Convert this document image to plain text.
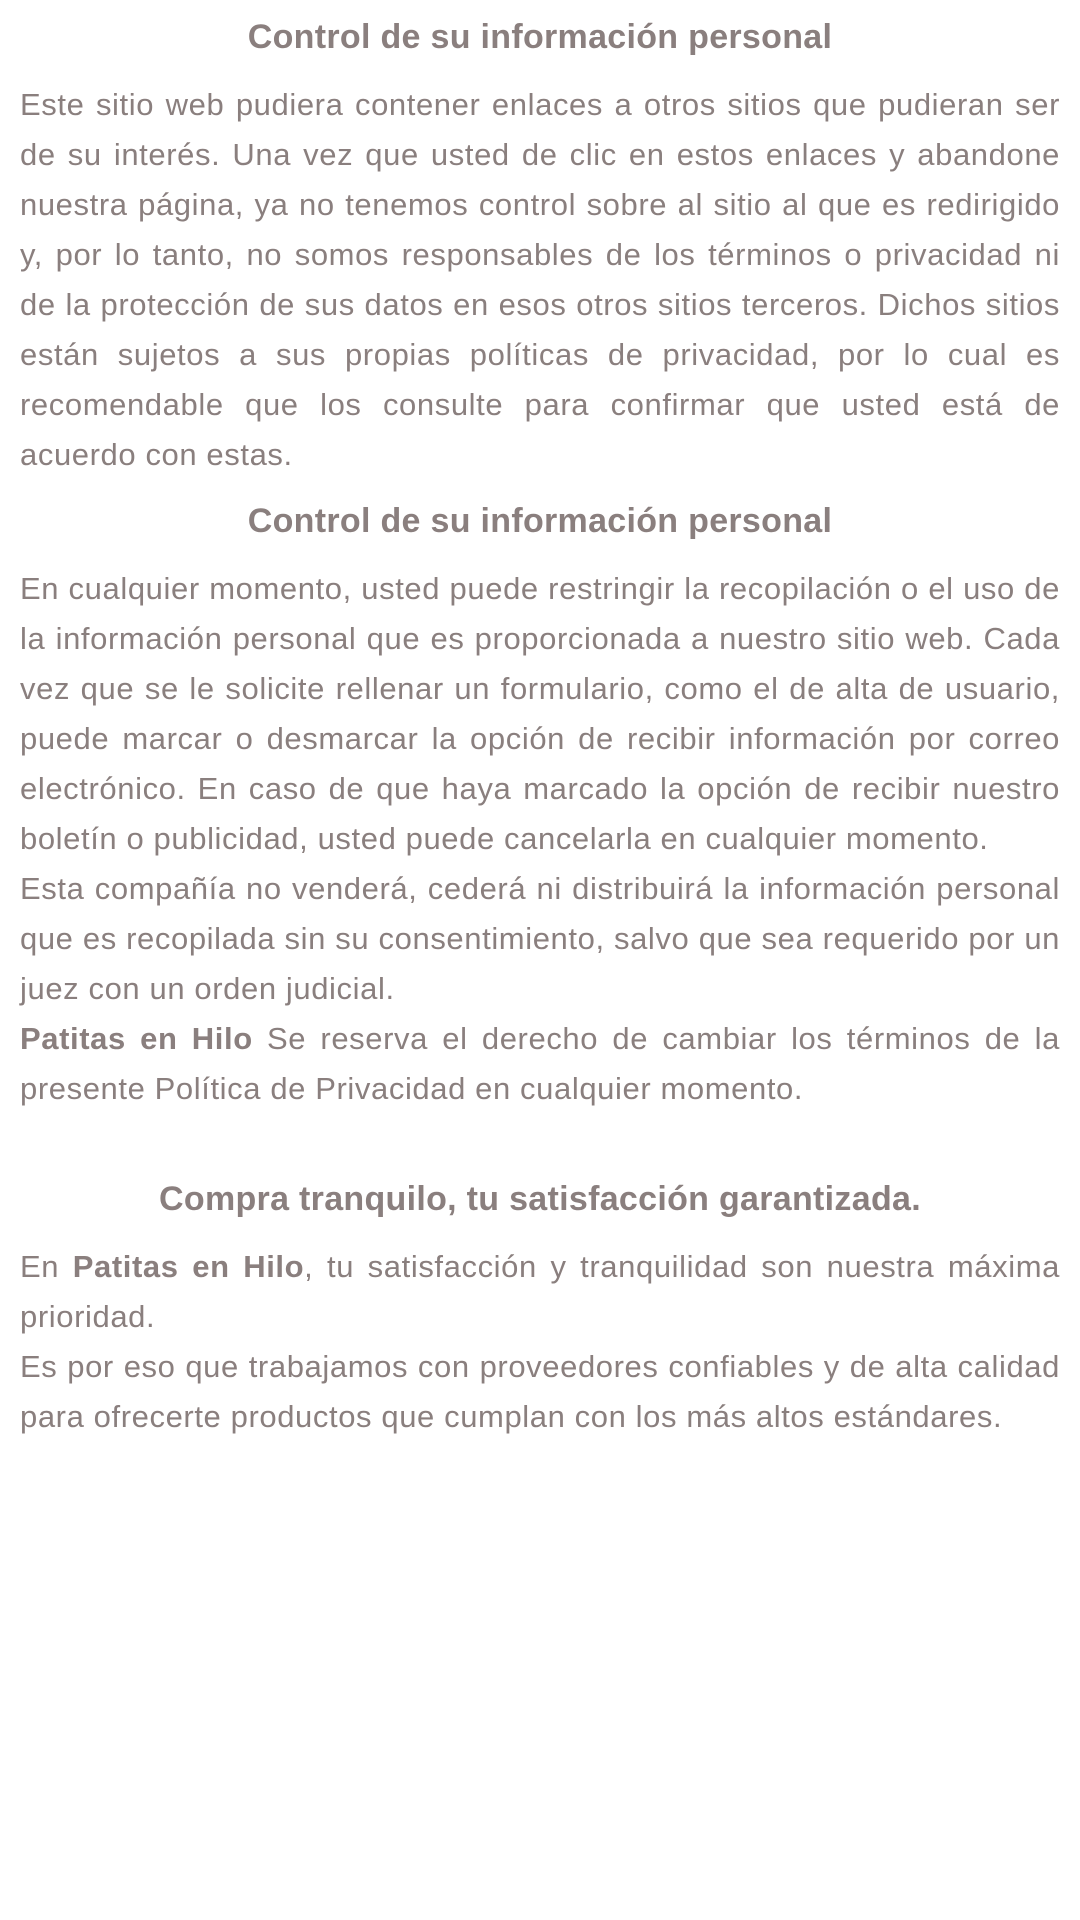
Control de su información personal

Este sitio web pudiera contener enlaces a otros sitios que pudieran ser de su interés. Una vez que usted de clic en estos enlaces y abandone nuestra página, ya no tenemos control sobre al sitio al que es redirigido y, por lo tanto, no somos responsables de los términos o privacidad ni de la protección de sus datos en esos otros sitios terceros. Dichos sitios están sujetos a sus propias políticas de privacidad, por lo cual es recomendable que los consulte para confirmar que usted está de acuerdo con estas.

Control de su información personal

En cualquier momento, usted puede restringir la recopilación o el uso de la información personal que es proporcionada a nuestro sitio web. Cada vez que se le solicite rellenar un formulario, como el de alta de usuario, puede marcar o desmarcar la opción de recibir información por correo electrónico. En caso de que haya marcado la opción de recibir nuestro boletín o publicidad, usted puede cancelarla en cualquier momento.

Esta compañía no venderá, cederá ni distribuirá la información personal que es recopilada sin su consentimiento, salvo que sea requerido por un juez con un orden judicial.

Patitas en Hilo Se reserva el derecho de cambiar los términos de la presente Política de Privacidad en cualquier momento.

Compra tranquilo, tu satisfacción garantizada.

En Patitas en Hilo, tu satisfacción y tranquilidad son nuestra máxima prioridad.

Es por eso que trabajamos con proveedores confiables y de alta calidad para ofrecerte productos que cumplan con los más altos estándares.
